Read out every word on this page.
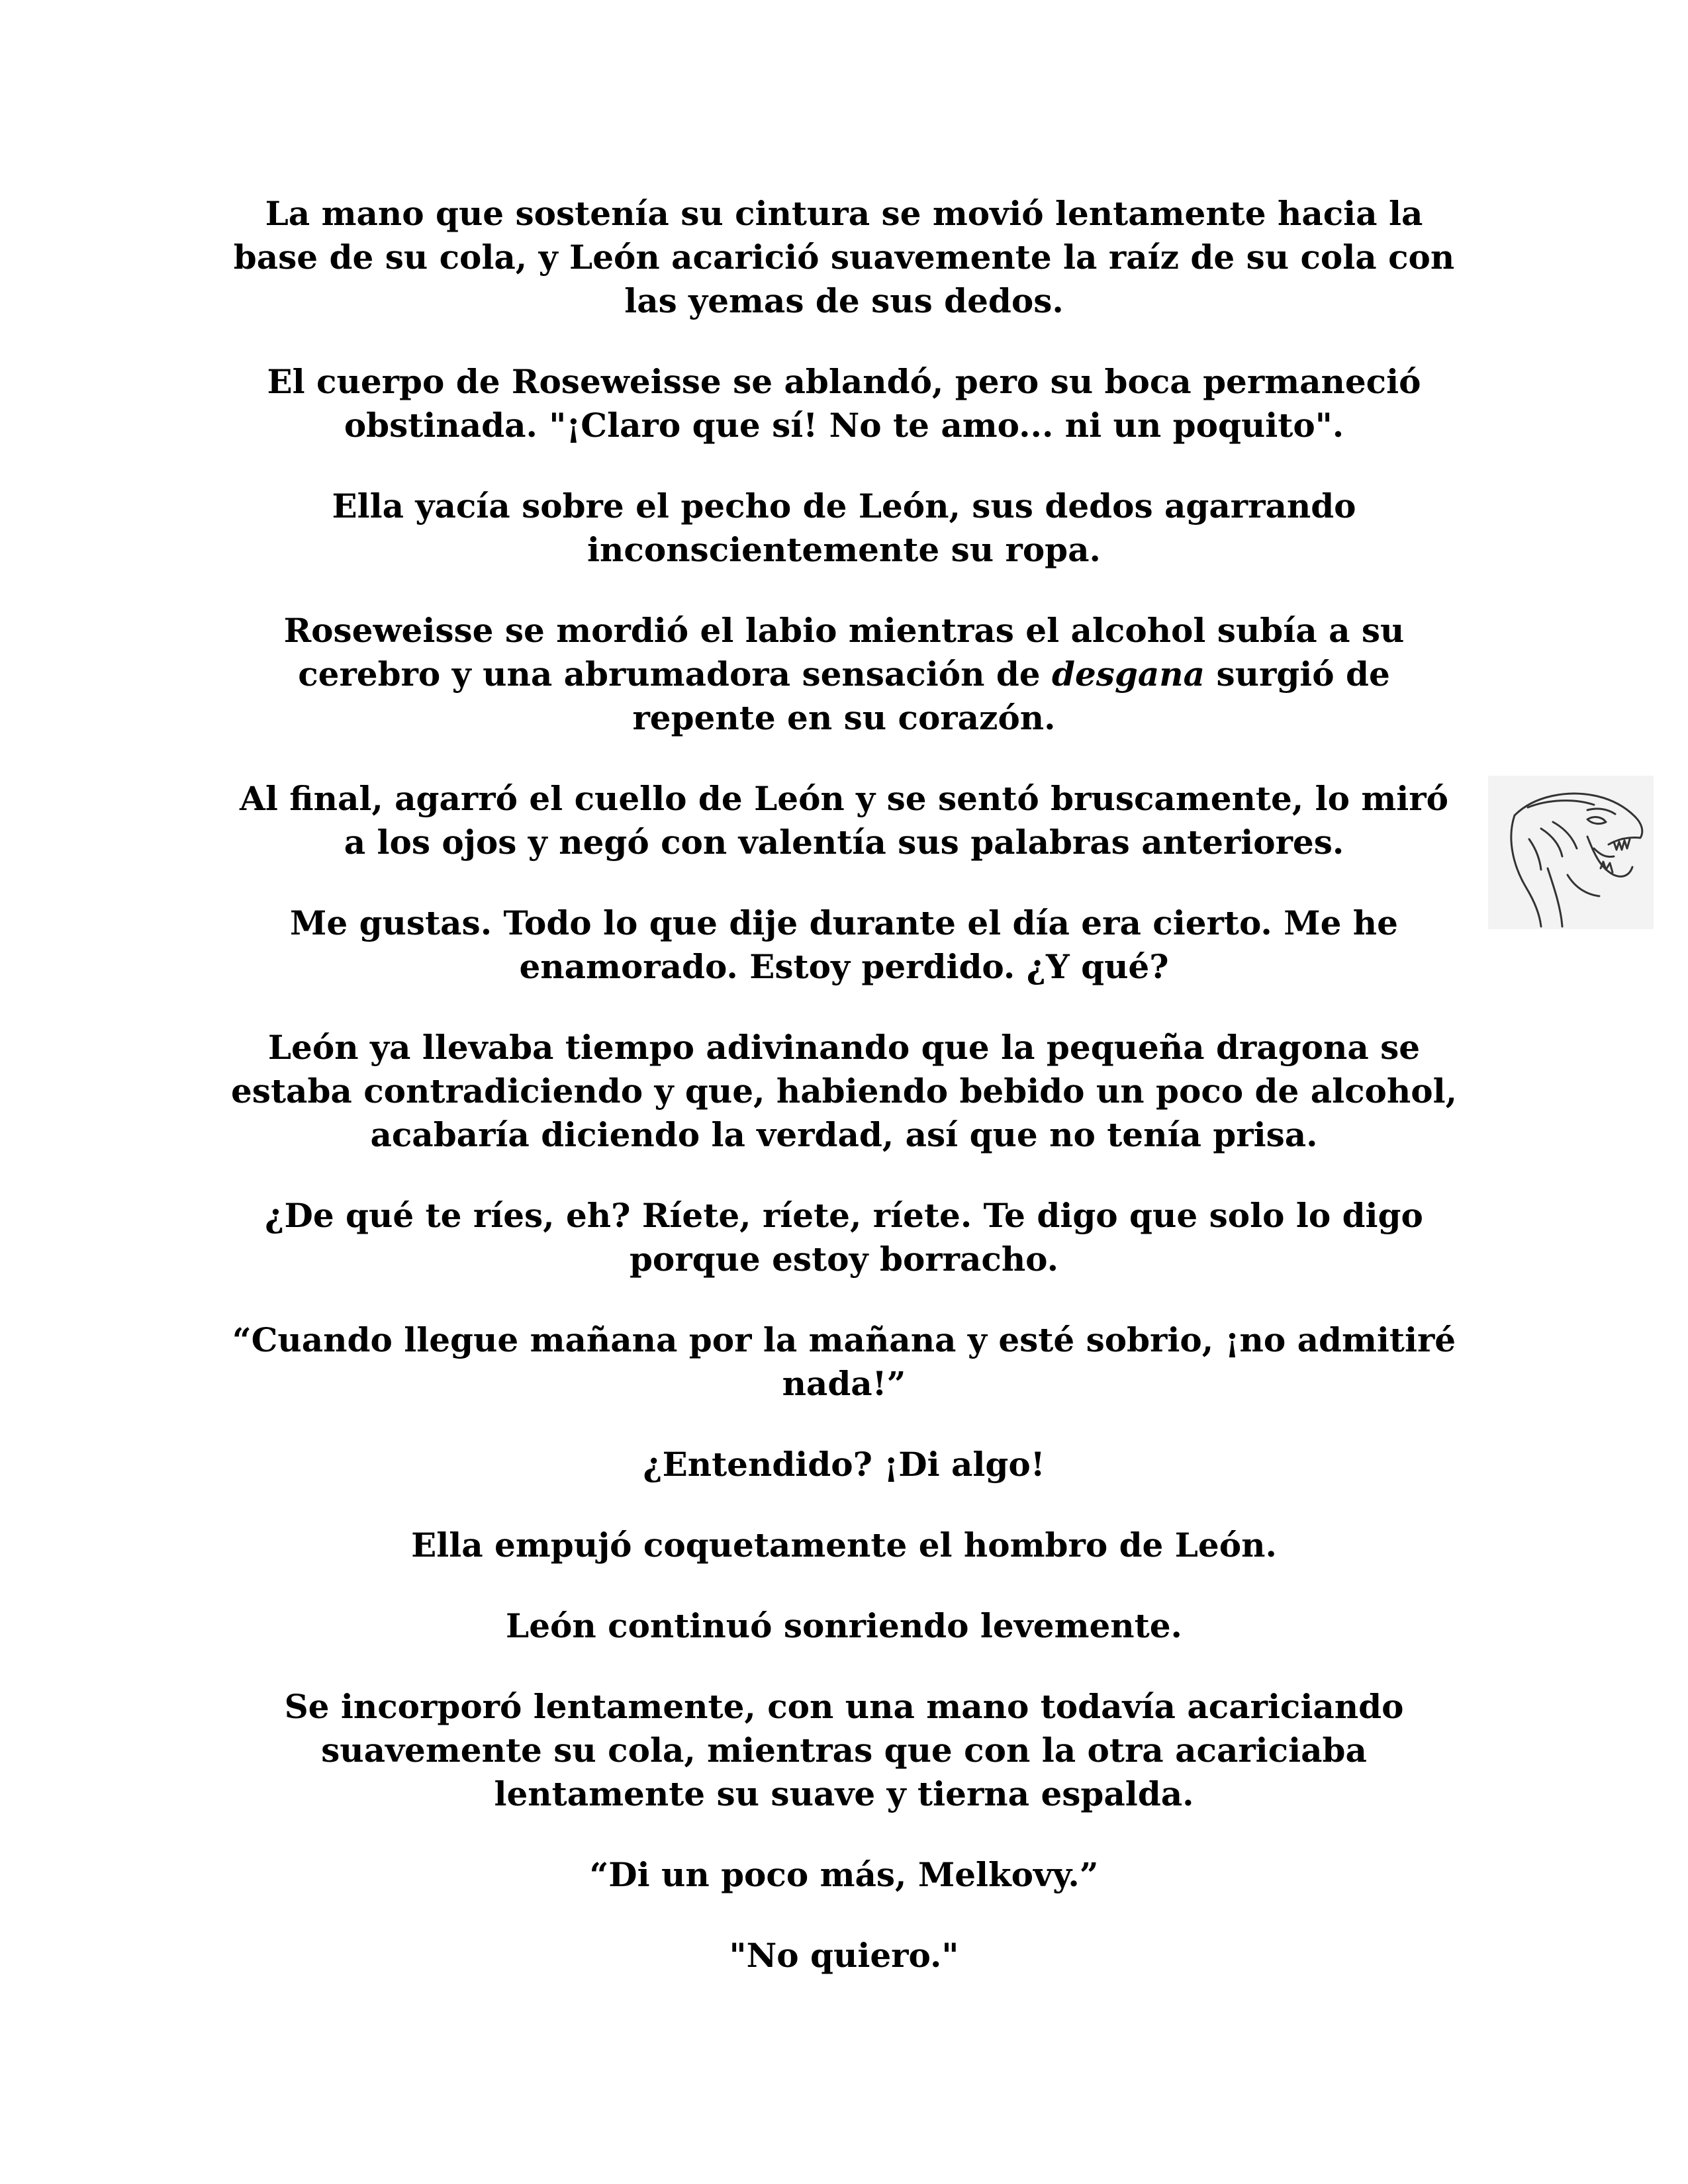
La mano que sostenía su cintura se movió lentamente hacia la base de su cola, y León acarició suavemente la raíz de su cola con las yemas de sus dedos.

El cuerpo de Roseweisse se ablandó, pero su boca permaneció obstinada. "¡Claro que sí! No te amo... ni un poquito".

Ella yacía sobre el pecho de León, sus dedos agarrando inconscientemente su ropa.

Roseweisse se mordió el labio mientras el alcohol subía a su cerebro y una abrumadora sensación de desgana surgió de repente en su corazón.

Al final, agarró el cuello de León y se sentó bruscamente, lo miró a los ojos y negó con valentía sus palabras anteriores.

Me gustas. Todo lo que dije durante el día era cierto. Me he enamorado. Estoy perdido. ¿Y qué?

León ya llevaba tiempo adivinando que la pequeña dragona se estaba contradiciendo y que, habiendo bebido un poco de alcohol, acabaría diciendo la verdad, así que no tenía prisa.

¿De qué te ríes, eh? Ríete, ríete, ríete. Te digo que solo lo digo porque estoy borracho.

“Cuando llegue mañana por la mañana y esté sobrio, ¡no admitiré nada!”

¿Entendido? ¡Di algo!

Ella empujó coquetamente el hombro de León.

León continuó sonriendo levemente.

Se incorporó lentamente, con una mano todavía acariciando suavemente su cola, mientras que con la otra acariciaba lentamente su suave y tierna espalda.

“Di un poco más, Melkovy.”

"No quiero."
